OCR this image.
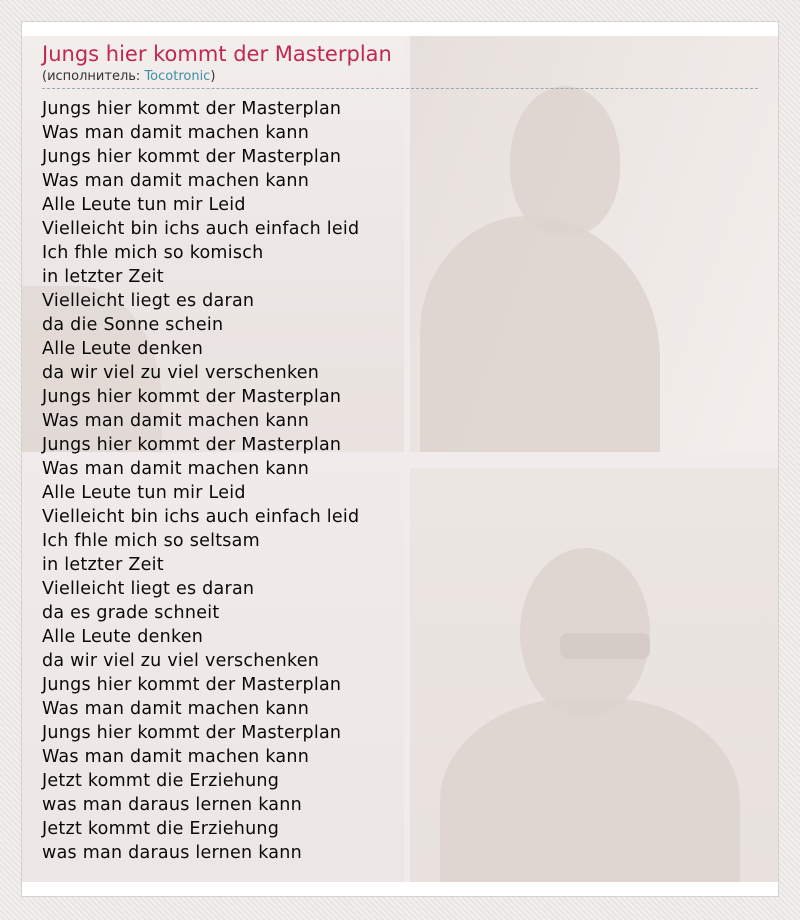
Jungs hier kommt der Masterplan

(исполнитель: Tocotronic)

Jungs hier kommt der Masterplan
Was man damit machen kann
Jungs hier kommt der Masterplan
Was man damit machen kann
Alle Leute tun mir Leid
Vielleicht bin ichs auch einfach leid
Ich fhle mich so komisch
in letzter Zeit
Vielleicht liegt es daran
da die Sonne schein
Alle Leute denken
da wir viel zu viel verschenken
Jungs hier kommt der Masterplan
Was man damit machen kann
Jungs hier kommt der Masterplan
Was man damit machen kann
Alle Leute tun mir Leid
Vielleicht bin ichs auch einfach leid
Ich fhle mich so seltsam
in letzter Zeit
Vielleicht liegt es daran
da es grade schneit
Alle Leute denken
da wir viel zu viel verschenken
Jungs hier kommt der Masterplan
Was man damit machen kann
Jungs hier kommt der Masterplan
Was man damit machen kann
Jetzt kommt die Erziehung
was man daraus lernen kann
Jetzt kommt die Erziehung
was man daraus lernen kann
